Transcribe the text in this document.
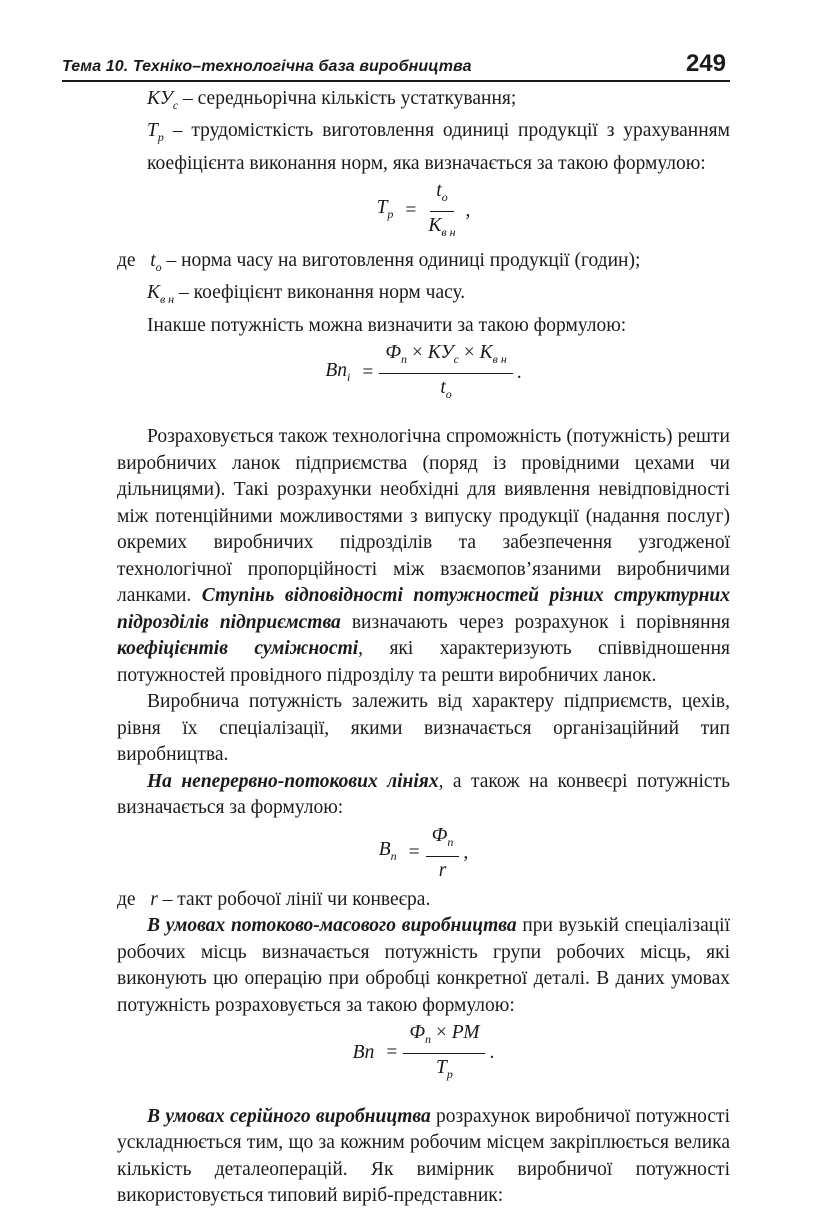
Тема 10. Техніко–технологічна база виробництва	249

$КУ_с$ – середньорічна кількість устаткування;

$Т_р$ – трудомісткість виготовлення одиниці продукції з урахуванням коефіцієнта виконання норм, яка визначається за такою формулою:

$Т_р = \frac{t_o}{К_{в н}}$ ,

де $t_o$ – норма часу на виготовлення одиниці продукції (годин);

$К_{в н}$ – коефіцієнт виконання норм часу.

Інакше потужність можна визначити за такою формулою:

$Вп_i = \frac{Ф_п \times КУ_с \times К_{в н}}{t_o}$ .

Розраховується також технологічна спроможність (потужність) решти виробничих ланок підприємства (поряд із провідними цехами чи дільницями). Такі розрахунки необхідні для виявлення невідповідності між потенційними можливостями з випуску продукції (надання послуг) окремих виробничих підрозділів та забезпечення узгодженої технологічної пропорційності між взаємопов’язаними виробничими ланками. Ступінь відповідності потужностей різних структурних підрозділів підприємства визначають через розрахунок і порівняння коефіцієнтів суміжності, які характеризують співвідношення потужностей провідного підрозділу та решти виробничих ланок.

Виробнича потужність залежить від характеру підприємств, цехів, рівня їх спеціалізації, якими визначається організаційний тип виробництва.

На неперервно-потокових лініях, а також на конвеєрі потужність визначається за формулою:

$В_п = \frac{Ф_п}{r}$ ,

де r – такт робочої лінії чи конвеєра.

В умовах потоково-масового виробництва при вузькій спеціалізації робочих місць визначається потужність групи робочих місць, які виконують цю операцію при обробці конкретної деталі. В даних умовах потужність розраховується за такою формулою:

Вп = $\frac{Ф_п \times РМ}{Т_р}$ .

В умовах серійного виробництва розрахунок виробничої потужності ускладнюється тим, що за кожним робочим місцем закріплюється велика кількість деталеоперацій. Як вимірник виробничої потужності використовується типовий виріб-представник:
